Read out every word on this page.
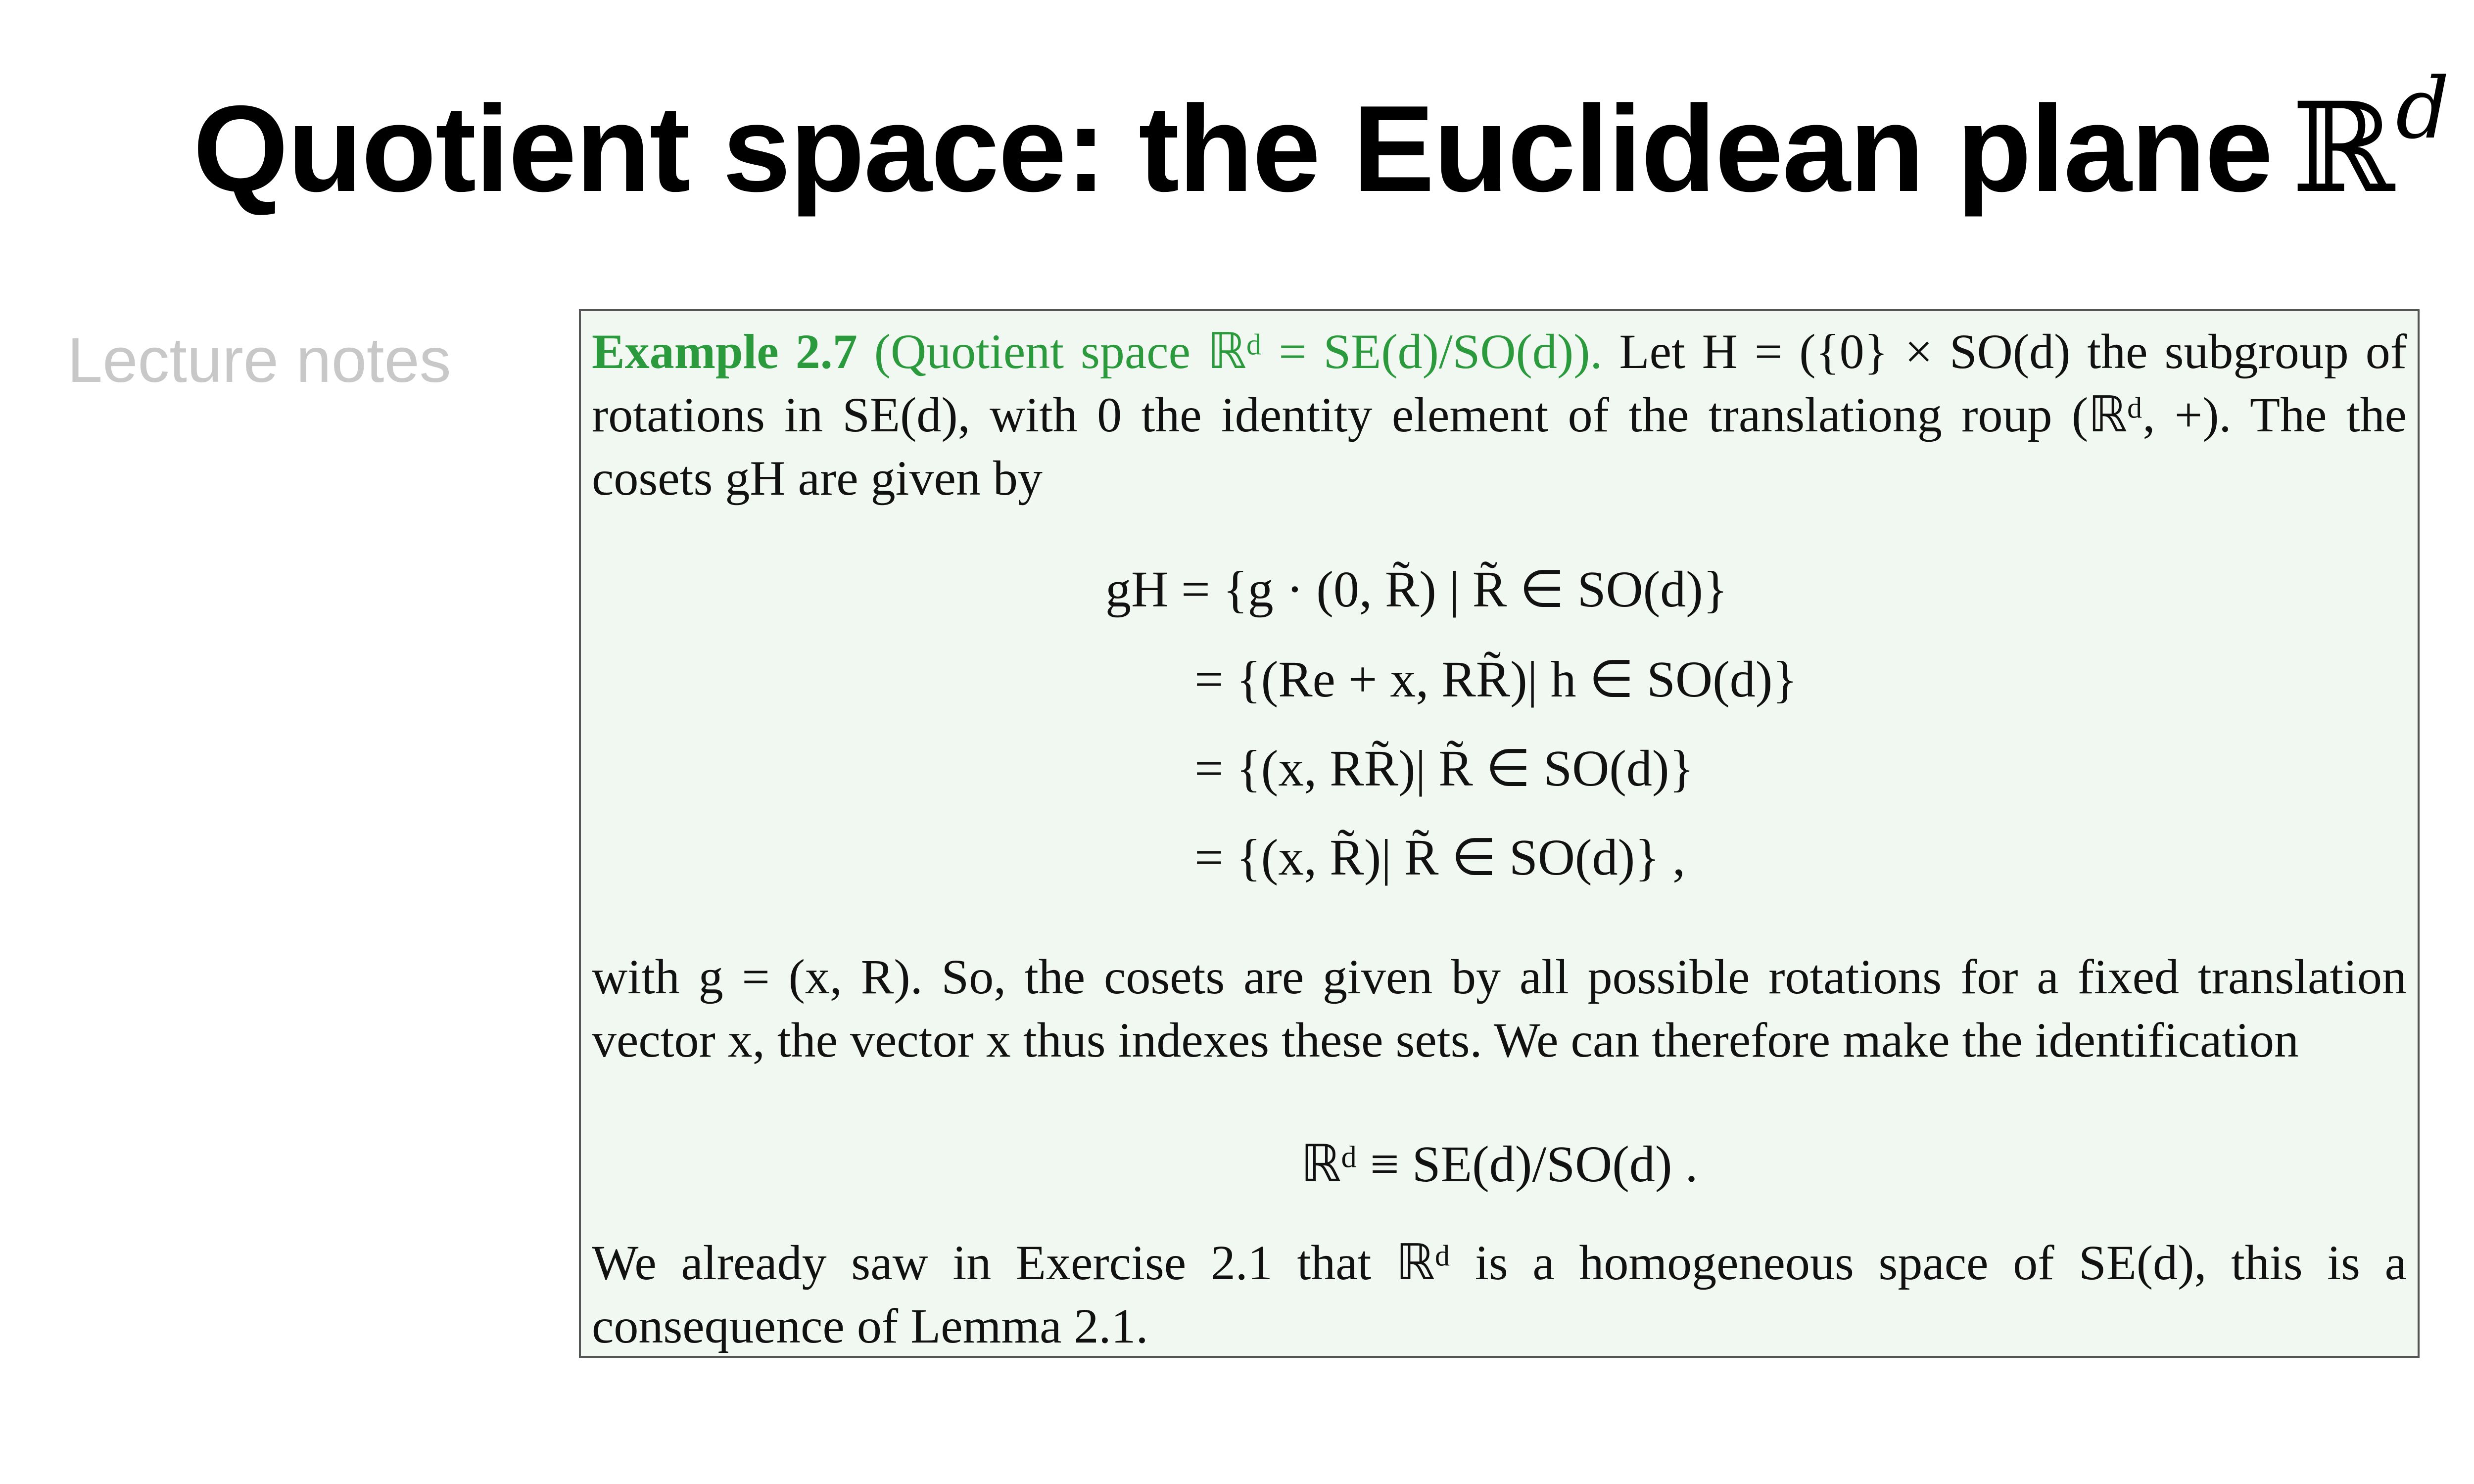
Quotient space: the Euclidean plane ℝ$^d$
Lecture notes	Example 2.7 (Quotient space ℝᵈ = SE(d)/SO(d)). Let H = ({0} × SO(d) the subgroup of rotations in SE(d), with 0 the identity element of the translationg roup (ℝᵈ, +). The the cosets gH are given by
gH = {g · (0, R̃) | R̃ ∈ SO(d)}
= {(Re + x, RR̃)| h ∈ SO(d)}
= {(x, RR̃)| R̃ ∈ SO(d)}
= {(x, R̃)| R̃ ∈ SO(d)} ,
with g = (x, R). So, the cosets are given by all possible rotations for a fixed translation vector x, the vector x thus indexes these sets. We can therefore make the identification
ℝᵈ ≡ SE(d)/SO(d) .
We already saw in Exercise 2.1 that ℝᵈ is a homogeneous space of SE(d), this is a consequence of Lemma 2.1.
